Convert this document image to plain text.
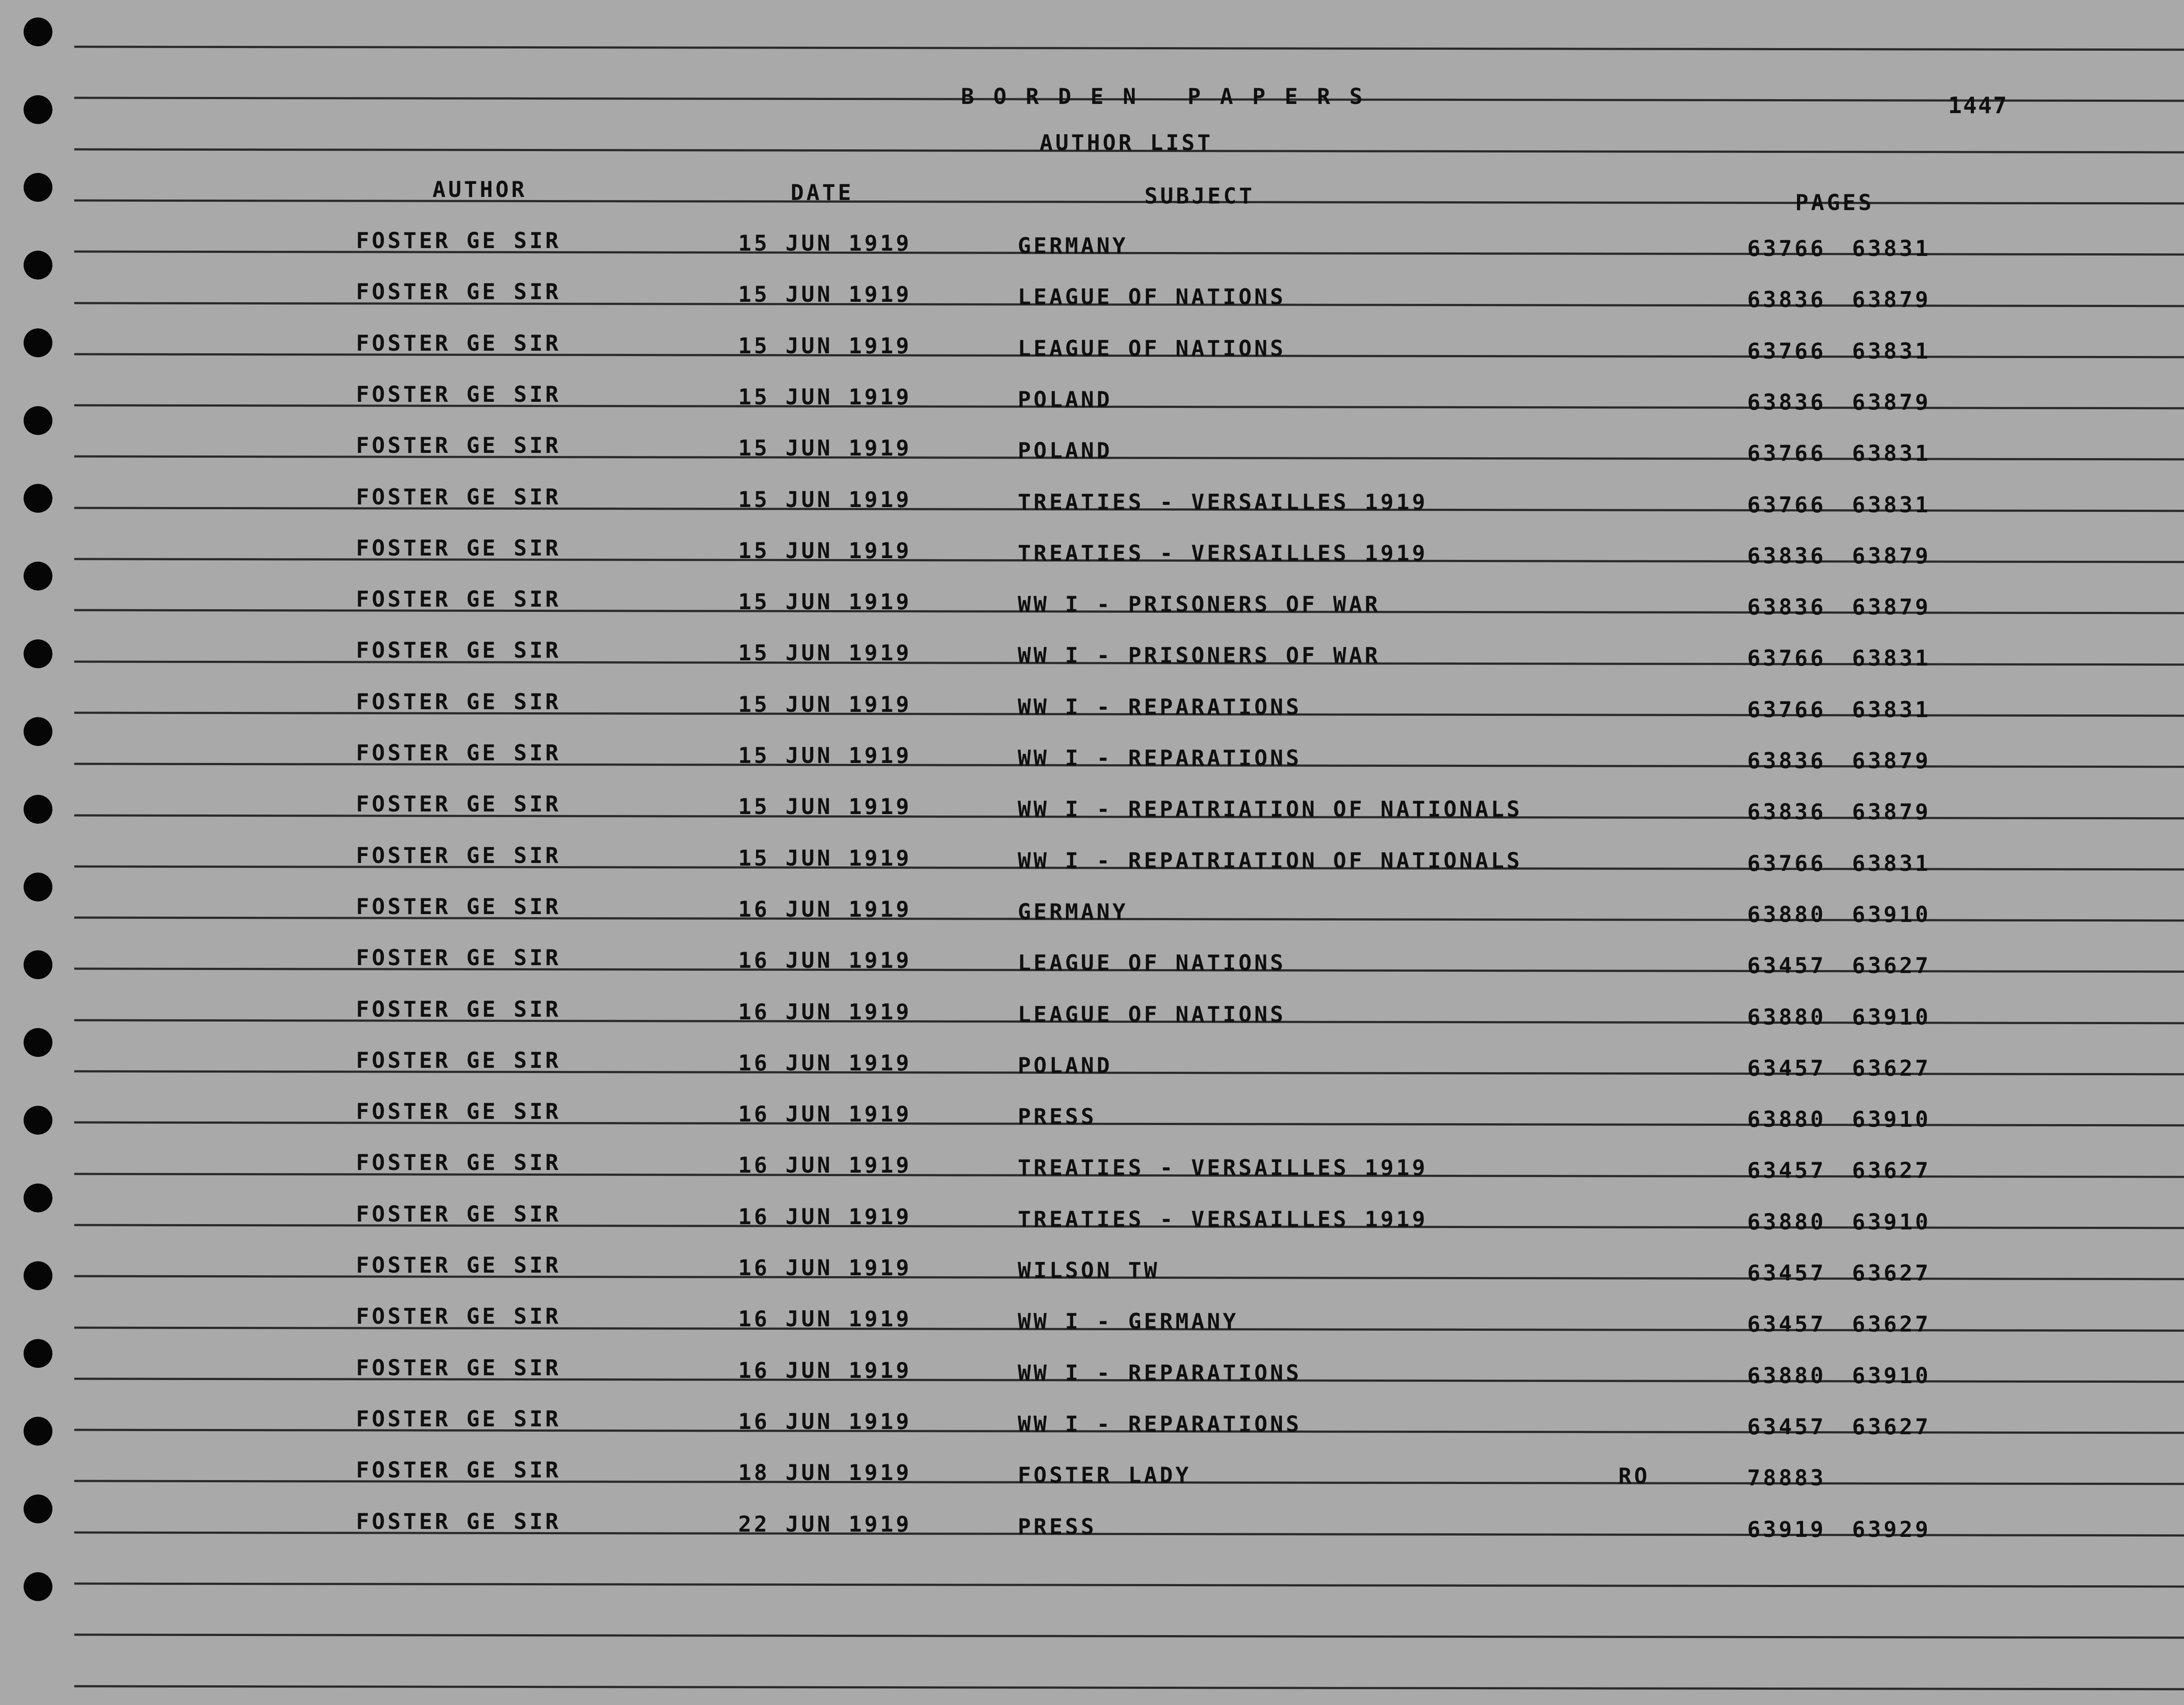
BORDEN PAPERS	1447
AUTHOR LIST
AUTHOR	DATE	SUBJECT	PAGES
FOSTER GE SIR	15 JUN 1919	GERMANY	63766 63831
FOSTER GE SIR	15 JUN 1919	LEAGUE OF NATIONS	63836 63879
FOSTER GE SIR	15 JUN 1919	LEAGUE OF NATIONS	63766 63831
FOSTER GE SIR	15 JUN 1919	POLAND	63836 63879
FOSTER GE SIR	15 JUN 1919	POLAND	63766 63831
FOSTER GE SIR	15 JUN 1919	TREATIES - VERSAILLES 1919	63766 63831
FOSTER GE SIR	15 JUN 1919	TREATIES - VERSAILLES 1919	63836 63879
FOSTER GE SIR	15 JUN 1919	WW I - PRISONERS OF WAR	63836 63879
FOSTER GE SIR	15 JUN 1919	WW I - PRISONERS OF WAR	63766 63831
FOSTER GE SIR	15 JUN 1919	WW I - REPARATIONS	63766 63831
FOSTER GE SIR	15 JUN 1919	WW I - REPARATIONS	63836 63879
FOSTER GE SIR	15 JUN 1919	WW I - REPATRIATION OF NATIONALS	63836 63879
FOSTER GE SIR	15 JUN 1919	WW I - REPATRIATION OF NATIONALS	63766 63831
FOSTER GE SIR	16 JUN 1919	GERMANY	63880 63910
FOSTER GE SIR	16 JUN 1919	LEAGUE OF NATIONS	63457 63627
FOSTER GE SIR	16 JUN 1919	LEAGUE OF NATIONS	63880 63910
FOSTER GE SIR	16 JUN 1919	POLAND	63457 63627
FOSTER GE SIR	16 JUN 1919	PRESS	63880 63910
FOSTER GE SIR	16 JUN 1919	TREATIES - VERSAILLES 1919	63457 63627
FOSTER GE SIR	16 JUN 1919	TREATIES - VERSAILLES 1919	63880 63910
FOSTER GE SIR	16 JUN 1919	WILSON TW	63457 63627
FOSTER GE SIR	16 JUN 1919	WW I - GERMANY	63457 63627
FOSTER GE SIR	16 JUN 1919	WW I - REPARATIONS	63880 63910
FOSTER GE SIR	16 JUN 1919	WW I - REPARATIONS	63457 63627
FOSTER GE SIR	18 JUN 1919	FOSTER LADY	RO	78883
FOSTER GE SIR	22 JUN 1919	PRESS	63919 63929
